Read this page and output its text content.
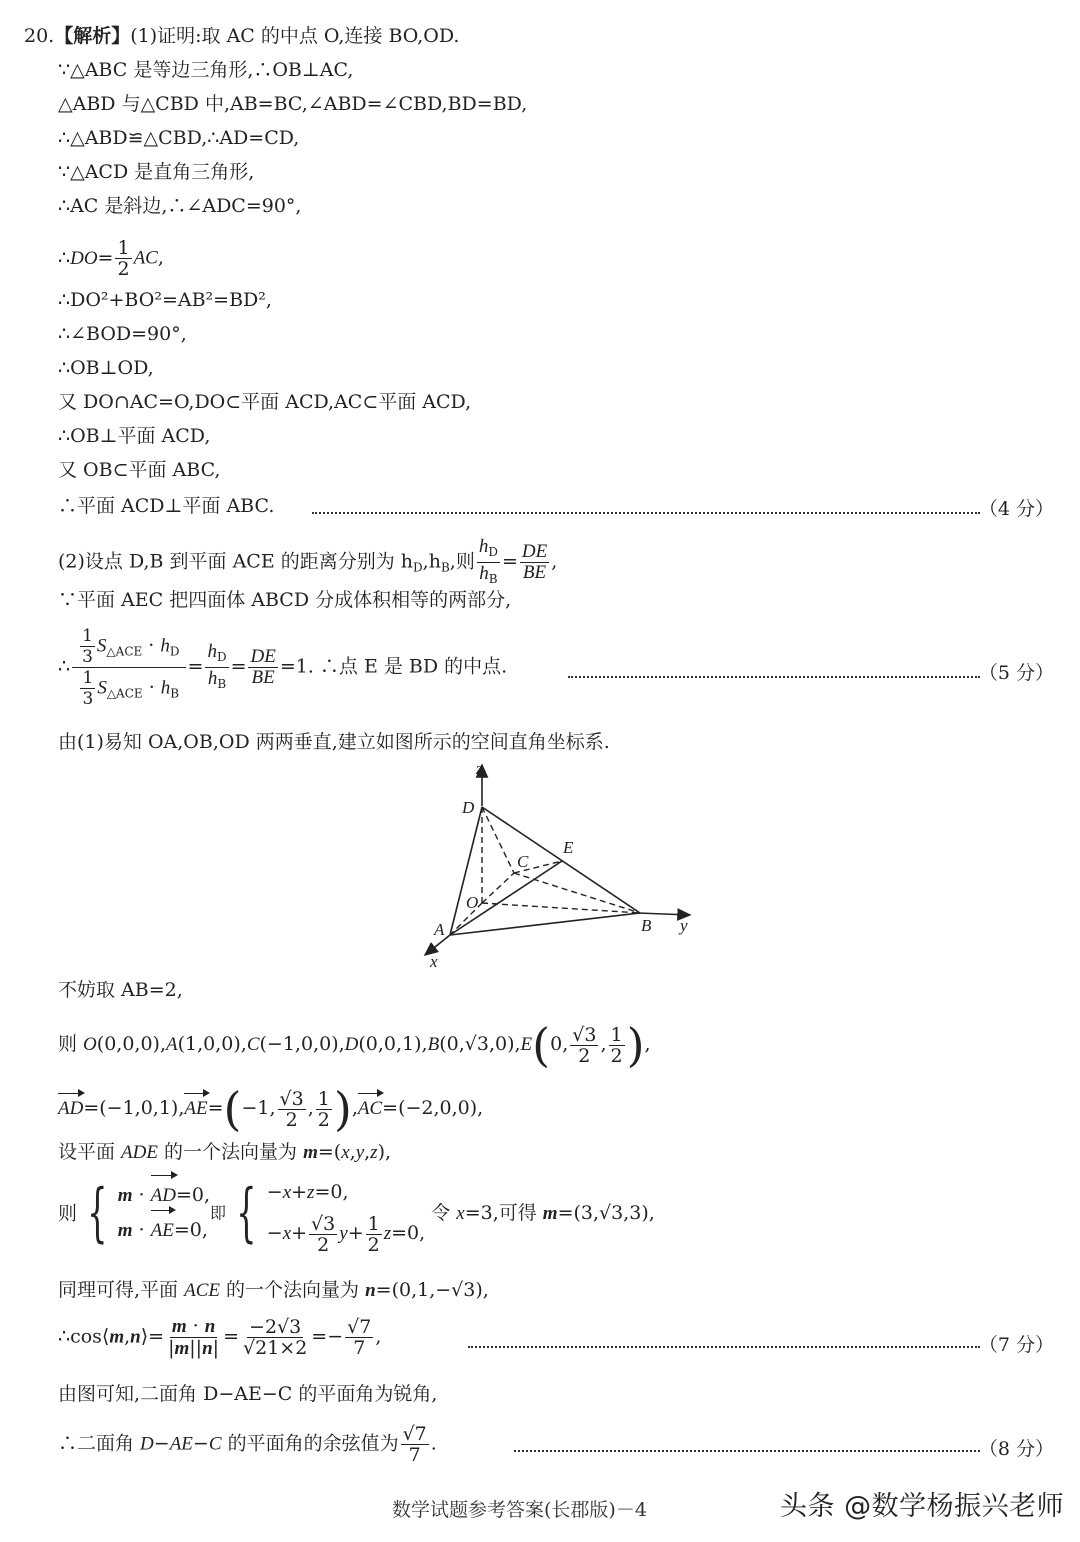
20.【解析】(1)证明:取 AC 的中点 O,连接 BO,OD.
∵△ABC 是等边三角形,∴OB⊥AC,
△ABD 与△CBD 中,AB=BC,∠ABD=∠CBD,BD=BD,
∴△ABD≌△CBD,∴AD=CD,
∵△ACD 是直角三角形,
∴AC 是斜边,∴∠ADC=90°,
∴DO= $\frac{1}{2}$ AC,
∴DO²+BO²=AB²=BD²,
∴∠BOD=90°,
∴OB⊥OD,
又 DO∩AC=O,DO⊂平面 ACD,AC⊂平面 ACD,
∴OB⊥平面 ACD,
又 OB⊂平面 ABC,
∴平面 ACD⊥平面 ABC.	（4 分）
(2)设点 D,B 到平面 ACE 的距离分别为 $h_D,h_B$,则 $\frac{h_D}{h_B} = \frac{DE}{BE}$ ,
∵平面 AEC 把四面体 ABCD 分成体积相等的两部分,
∴ $\frac{\frac{1}{3} S_{\triangle ACE} \cdot h_D}{\frac{1}{3} S_{\triangle ACE} \cdot h_B} = \frac{h_D}{h_B} = \frac{DE}{BE} =1$. ∴点 E 是 BD 的中点.	（5 分）
由(1)易知 OA,OB,OD 两两垂直,建立如图所示的空间直角坐标系.
z
D
E
C
O
A	B y
x
不妨取 AB=2,
则 O(0,0,0),A(1,0,0),C(−1,0,0),D(0,0,1),B(0,√3,0),E(0, $\frac{√3}{2}$ , $\frac{1}{2}$ ),
AD=(−1,0,1),AE=(−1, $\frac{√3}{2}$ , $\frac{1}{2} ),AC=(-2,0,0)$,
设平面 ADE 的一个法向量为 m=(x,y,z),
则 { m · AD=0,
m · AE=0,
即 { −x+z=0,
$-x+ \frac{√3}{2} y+ \frac{1}{2} z=0$,
令 x=3,可得 m=(3,√3,3),
同理可得,平面 ACE 的一个法向量为 n=(0,1,−√3),
∴cos⟨m,n⟩= $\frac{m \cdot n}{|m||n|} = \frac{-2√3}{√21\times 2} =- \frac{√7}{7}$ ,	（7 分）
由图可知,二面角 D−AE−C 的平面角为锐角,
∴二面角 D−AE−C 的平面角的余弦值为 $\frac{√7}{7}$ .	（8 分）
数学试题参考答案(长郡版)－4	头条 @数学杨振兴老师
